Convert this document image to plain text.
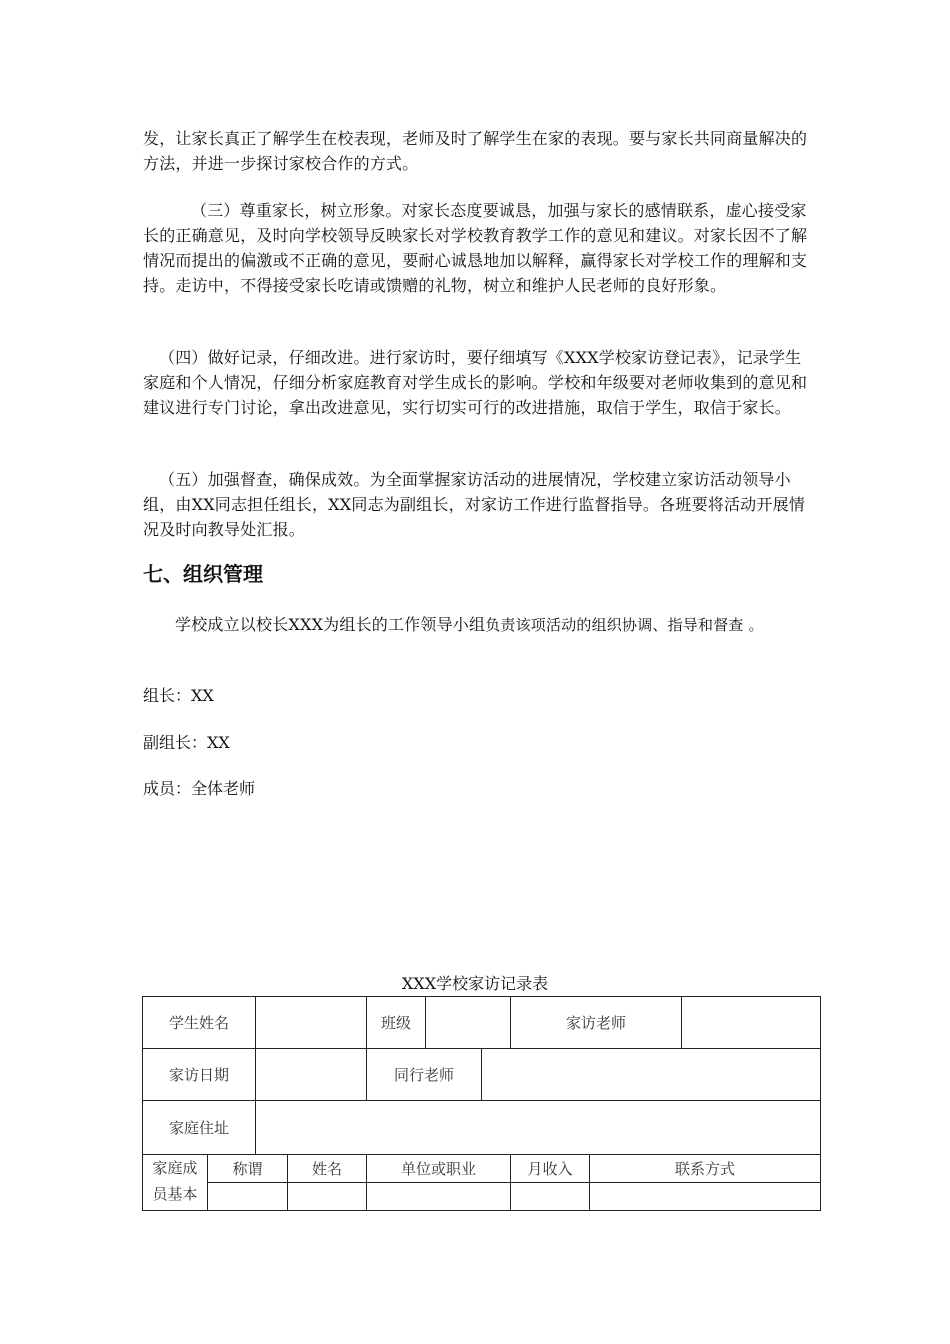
发，让家长真正了解学生在校表现，老师及时了解学生在家的表现。要与家长共同商量解决的方法，并进一步探讨家校合作的方式。

（三）尊重家长，树立形象。对家长态度要诚恳，加强与家长的感情联系，虚心接受家长的正确意见，及时向学校领导反映家长对学校教育教学工作的意见和建议。对家长因不了解情况而提出的偏激或不正确的意见，要耐心诚恳地加以解释，赢得家长对学校工作的理解和支持。走访中，不得接受家长吃请或馈赠的礼物，树立和维护人民老师的良好形象。

（四）做好记录，仔细改进。进行家访时，要仔细填写《XXX学校家访登记表》，记录学生家庭和个人情况，仔细分析家庭教育对学生成长的影响。学校和年级要对老师收集到的意见和建议进行专门讨论，拿出改进意见，实行切实可行的改进措施，取信于学生，取信于家长。

（五）加强督查，确保成效。为全面掌握家访活动的进展情况，学校建立家访活动领导小组，由XX同志担任组长，XX同志为副组长，对家访工作进行监督指导。各班要将活动开展情况及时向教导处汇报。

七、组织管理

学校成立以校长XXX为组长的工作领导小组负责该项活动的组织协调、指导和督查 。

组长：XX

副组长：XX

成员：全体老师

XXX学校家访记录表
学生姓名				班级			家访老师		
家访日期				同行老师					
家庭住址									
家庭成
员基本	称谓		姓名	单位或职业			月收入	联系方式	
